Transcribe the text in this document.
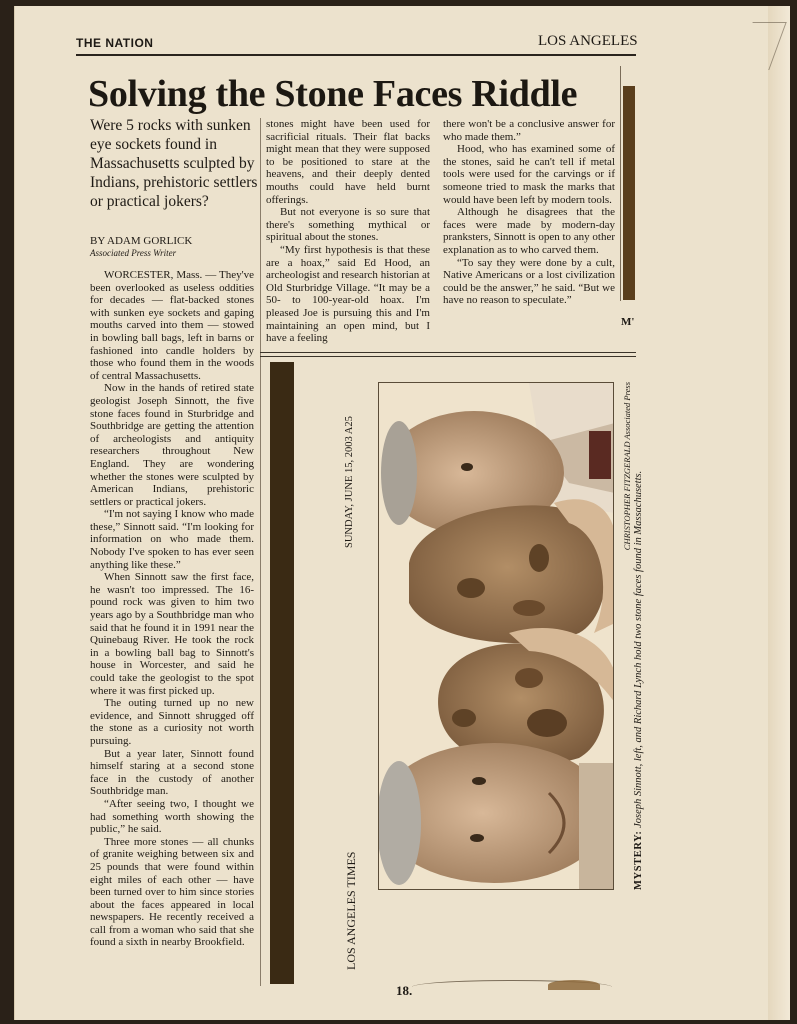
THE NATION	LOS ANGELES
Solving the Stone Faces Riddle
M'
Were 5 rocks with sunken eye sockets found in Massachusetts sculpted by Indians, prehistoric settlers or practical jokers?
BY ADAM GORLICK
Associated Press Writer

WORCESTER, Mass. — They've been overlooked as useless oddities for decades — flat-backed stones with sunken eye sockets and gaping mouths carved into them — stowed in bowling ball bags, left in barns or fashioned into candle holders by those who found them in the woods of central Massachusetts.

Now in the hands of retired state geologist Joseph Sinnott, the five stone faces found in Sturbridge and Southbridge are getting the attention of archeologists and antiquity researchers throughout New England. They are wondering whether the stones were sculpted by American Indians, prehistoric settlers or practical jokers.

“I'm not saying I know who made these,” Sinnott said. “I'm looking for information on who made them. Nobody I've spoken to has ever seen anything like these.”

When Sinnott saw the first face, he wasn't too impressed. The 16-pound rock was given to him two years ago by a Southbridge man who said that he found it in 1991 near the Quinebaug River. He took the rock in a bowling ball bag to Sinnott's house in Worcester, and said he could take the geologist to the spot where it was first picked up.

The outing turned up no new evidence, and Sinnott shrugged off the stone as a curiosity not worth pursuing.

But a year later, Sinnott found himself staring at a second stone face in the custody of another Southbridge man.

“After seeing two, I thought we had something worth showing the public,” he said.

Three more stones — all chunks of granite weighing between six and 25 pounds that were found within eight miles of each other — have been turned over to him since stories about the faces appeared in local newspapers. He recently received a call from a woman who said that she found a sixth in nearby Brookfield.

stones might have been used for sacrificial rituals. Their flat backs might mean that they were supposed to be positioned to stare at the heavens, and their deeply dented mouths could have held burnt offerings.

But not everyone is so sure that there's something mythical or spiritual about the stones.

“My first hypothesis is that these are a hoax,” said Ed Hood, an archeologist and research historian at Old Sturbridge Village. “It may be a 50- to 100-year-old hoax. I'm pleased Joe is pursuing this and I'm maintaining an open mind, but I have a feeling

there won't be a conclusive answer for who made them.”

Hood, who has examined some of the stones, said he can't tell if metal tools were used for the carvings or if someone tried to mask the marks that would have been left by modern tools.

Although he disagrees that the faces were made by modern-day pranksters, Sinnott is open to any other explanation as to who carved them.

“To say they were done by a cult, Native Americans or a lost civilization could be the answer,” he said. “But we have no reason to speculate.”

SUNDAY, JUNE 15, 2003 A25
LOS ANGELES TIMES
CHRISTOPHER FITZGERALD Associated Press
MYSTERY: Joseph Sinnott, left, and Richard Lynch hold two stone faces found in Massachusetts.
18.
